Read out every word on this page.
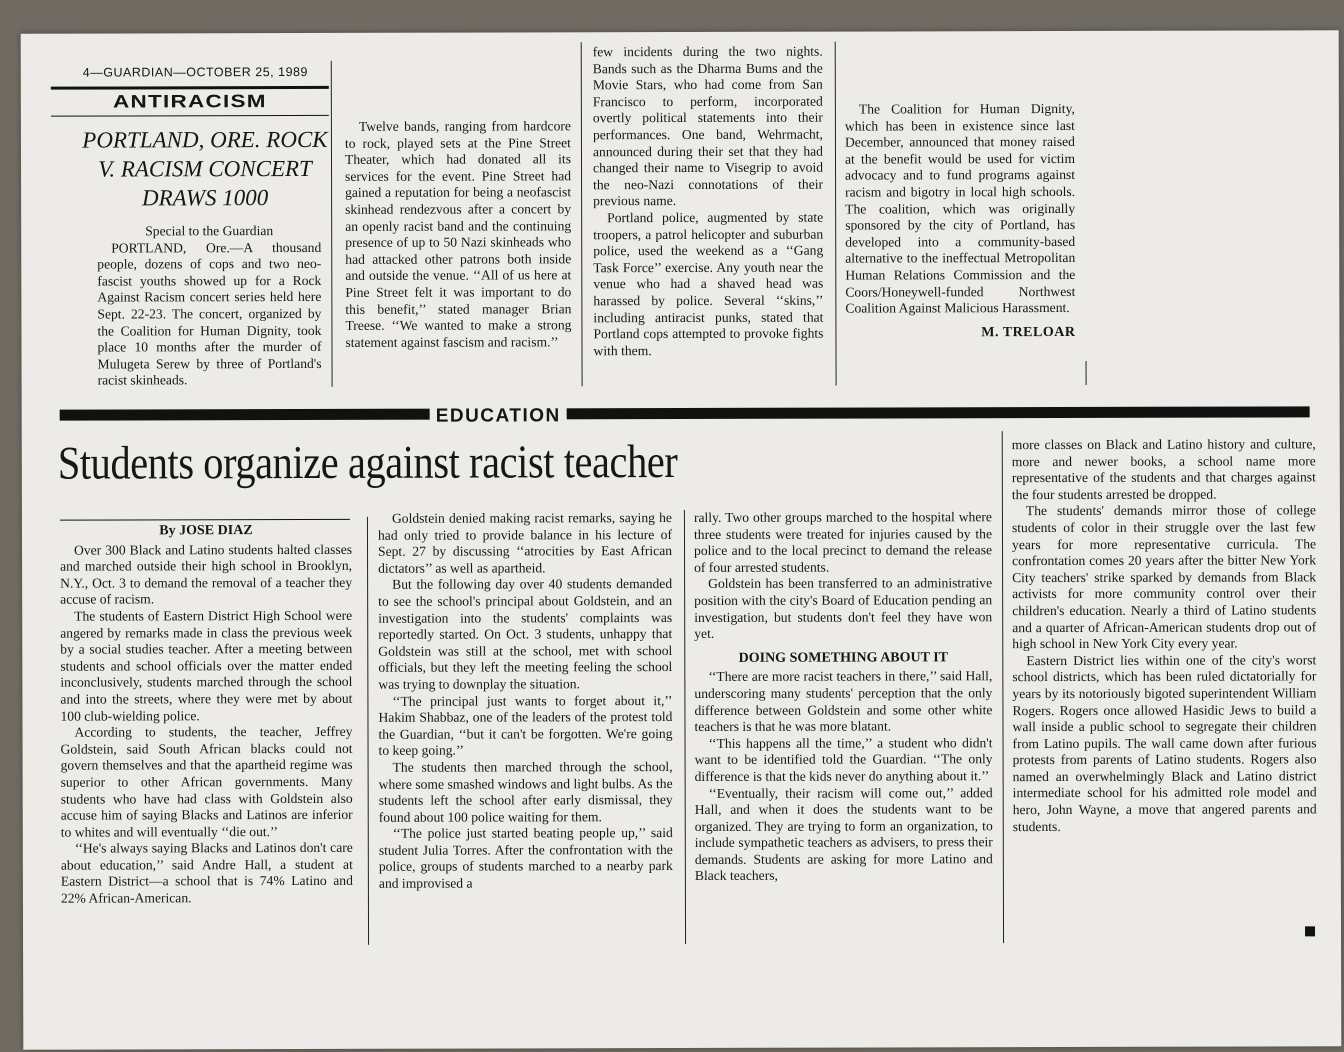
4—GUARDIAN—OCTOBER 25, 1989
ANTIRACISM
PORTLAND, ORE. ROCK V. RACISM CONCERT DRAWS 1000

Special to the Guardian

PORTLAND, Ore.—A thousand people, dozens of cops and two neo-fascist youths showed up for a Rock Against Racism concert series held here Sept. 22-23. The concert, organized by the Coalition for Human Dignity, took place 10 months after the murder of Mulugeta Serew by three of Portland's racist skinheads.

Twelve bands, ranging from hardcore to rock, played sets at the Pine Street Theater, which had donated all its services for the event. Pine Street had gained a reputation for being a neofascist skinhead rendezvous after a concert by an openly racist band and the continuing presence of up to 50 Nazi skinheads who had attacked other patrons both inside and outside the venue. ‘‘All of us here at Pine Street felt it was important to do this benefit,’’ stated manager Brian Treese. ‘‘We wanted to make a strong statement against fascism and racism.’’

few incidents during the two nights. Bands such as the Dharma Bums and the Movie Stars, who had come from San Francisco to perform, incorporated overtly political statements into their performances. One band, Wehrmacht, announced during their set that they had changed their name to Visegrip to avoid the neo-Nazi connotations of their previous name.

Portland police, augmented by state troopers, a patrol helicopter and suburban police, used the weekend as a ‘‘Gang Task Force’’ exercise. Any youth near the venue who had a shaved head was harassed by police. Several ‘‘skins,’’ including antiracist punks, stated that Portland cops attempted to provoke fights with them.

The Coalition for Human Dignity, which has been in existence since last December, announced that money raised at the benefit would be used for victim advocacy and to fund programs against racism and bigotry in local high schools. The coalition, which was originally sponsored by the city of Portland, has developed into a community-based alternative to the ineffectual Metropolitan Human Relations Commission and the Coors/Honeywell-funded Northwest Coalition Against Malicious Harassment.

M. TRELOAR
EDUCATION
Students organize against racist teacher
By JOSE DIAZ

Over 300 Black and Latino students halted classes and marched outside their high school in Brooklyn, N.Y., Oct. 3 to demand the removal of a teacher they accuse of racism.

The students of Eastern District High School were angered by remarks made in class the previous week by a social studies teacher. After a meeting between students and school officials over the matter ended inconclusively, students marched through the school and into the streets, where they were met by about 100 club-wielding police.

According to students, the teacher, Jeffrey Goldstein, said South African blacks could not govern themselves and that the apartheid regime was superior to other African governments. Many students who have had class with Goldstein also accuse him of saying Blacks and Latinos are inferior to whites and will eventually ‘‘die out.’’

‘‘He's always saying Blacks and Latinos don't care about education,’’ said Andre Hall, a student at Eastern District—a school that is 74% Latino and 22% African-American.

Goldstein denied making racist remarks, saying he had only tried to provide balance in his lecture of Sept. 27 by discussing ‘‘atrocities by East African dictators’’ as well as apartheid.

But the following day over 40 students demanded to see the school's principal about Goldstein, and an investigation into the students' complaints was reportedly started. On Oct. 3 students, unhappy that Goldstein was still at the school, met with school officials, but they left the meeting feeling the school was trying to downplay the situation.

‘‘The principal just wants to forget about it,’’ Hakim Shabbaz, one of the leaders of the protest told the Guardian, ‘‘but it can't be forgotten. We're going to keep going.’’

The students then marched through the school, where some smashed windows and light bulbs. As the students left the school after early dismissal, they found about 100 police waiting for them.

‘‘The police just started beating people up,’’ said student Julia Torres. After the confrontation with the police, groups of students marched to a nearby park and improvised a

rally. Two other groups marched to the hospital where three students were treated for injuries caused by the police and to the local precinct to demand the release of four arrested students.

Goldstein has been transferred to an administrative position with the city's Board of Education pending an investigation, but students don't feel they have won yet.

DOING SOMETHING ABOUT IT

‘‘There are more racist teachers in there,’’ said Hall, underscoring many students' perception that the only difference between Goldstein and some other white teachers is that he was more blatant.

‘‘This happens all the time,’’ a student who didn't want to be identified told the Guardian. ‘‘The only difference is that the kids never do anything about it.’’

‘‘Eventually, their racism will come out,’’ added Hall, and when it does the students want to be organized. They are trying to form an organization, to include sympathetic teachers as advisers, to press their demands. Students are asking for more Latino and Black teachers,

more classes on Black and Latino history and culture, more and newer books, a school name more representative of the students and that charges against the four students arrested be dropped.

The students' demands mirror those of college students of color in their struggle over the last few years for more representative curricula. The confrontation comes 20 years after the bitter New York City teachers' strike sparked by demands from Black activists for more community control over their children's education. Nearly a third of Latino students and a quarter of African-American students drop out of high school in New York City every year.

Eastern District lies within one of the city's worst school districts, which has been ruled dictatorially for years by its notoriously bigoted superintendent William Rogers. Rogers once allowed Hasidic Jews to build a wall inside a public school to segregate their children from Latino pupils. The wall came down after furious protests from parents of Latino students. Rogers also named an overwhelmingly Black and Latino district intermediate school for his admitted role model and hero, John Wayne, a move that angered parents and students.
